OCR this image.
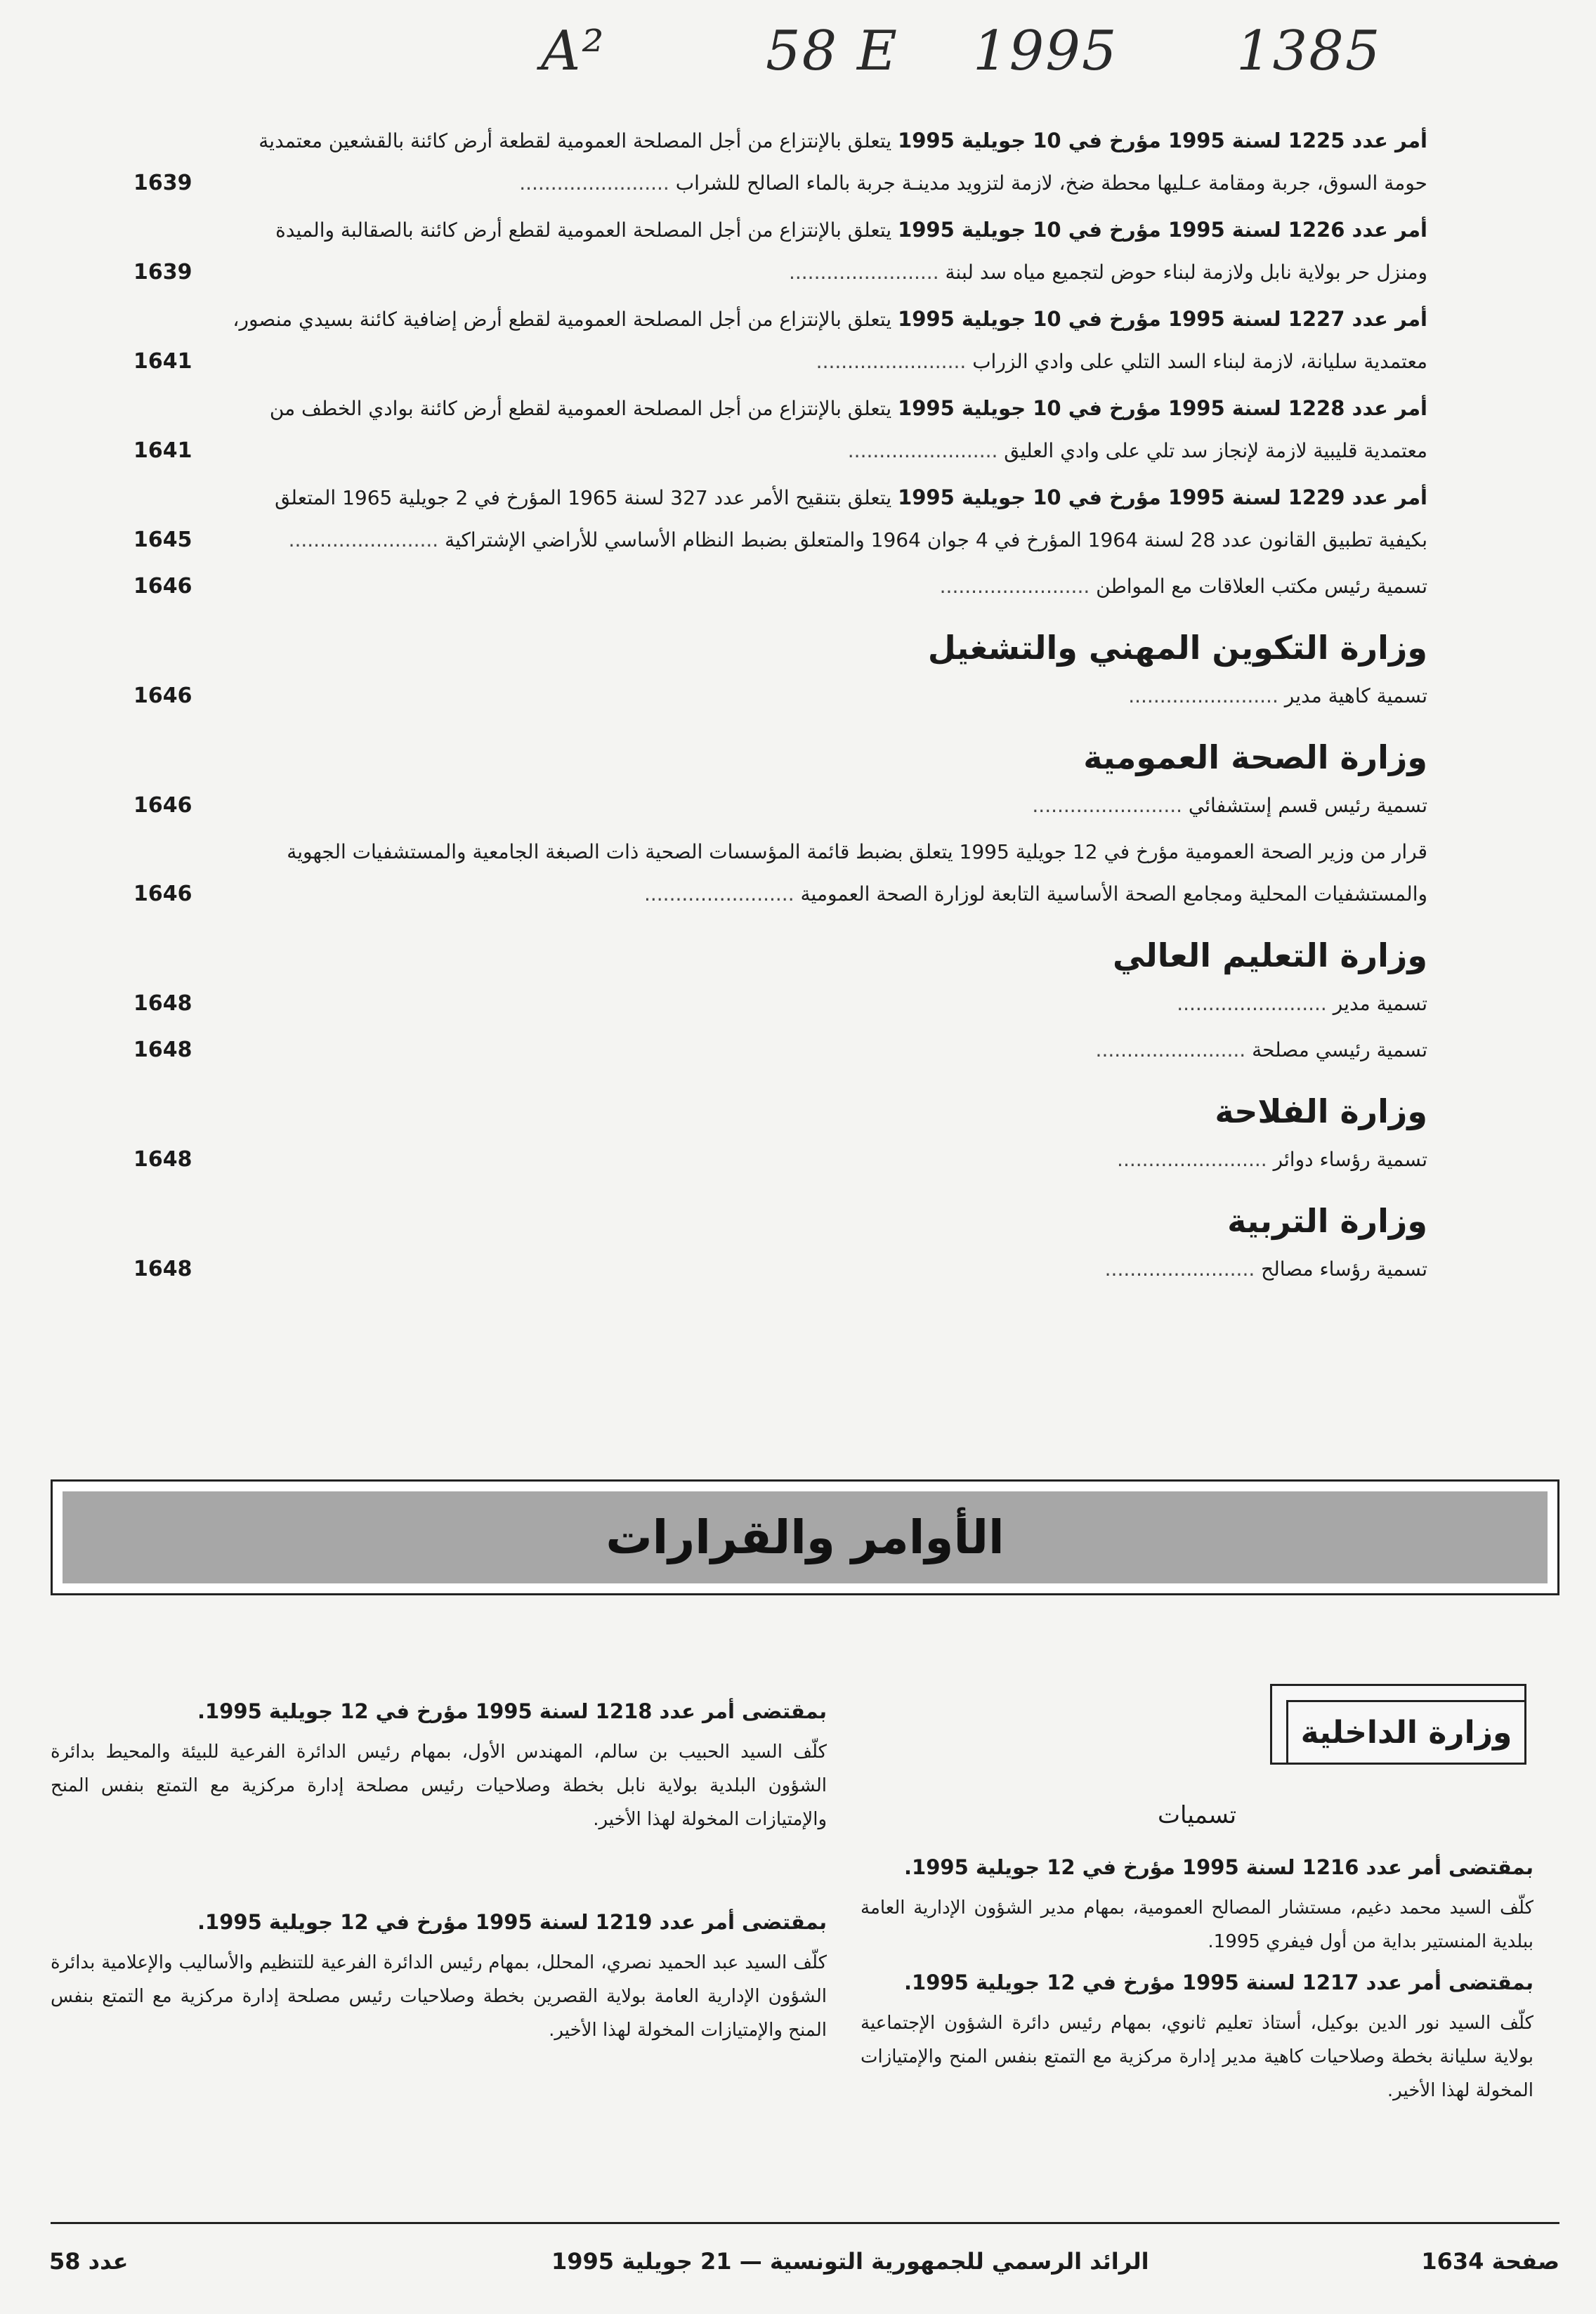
A²	58 E 1995 1385
أمر عدد 1225 لسنة 1995 مؤرخ في 10 جويلية 1995 يتعلق بالإنتزاع من أجل المصلحة العمومية لقطعة أرض كائنة بالقشعين معتمدية حومة السوق، جربة ومقامة عـليها محطة ضخ، لازمة لتزويد مدينـة جربة بالماء الصالح للشراب ........................
1639
أمر عدد 1226 لسنة 1995 مؤرخ في 10 جويلية 1995 يتعلق بالإنتزاع من أجل المصلحة العمومية لقطع أرض كائنة بالصقالبة والميدة ومنزل حر بولاية نابل ولازمة لبناء حوض لتجميع مياه سد لبنة ........................
1639
أمر عدد 1227 لسنة 1995 مؤرخ في 10 جويلية 1995 يتعلق بالإنتزاع من أجل المصلحة العمومية لقطع أرض إضافية كائنة بسيدي منصور، معتمدية سليانة، لازمة لبناء السد التلي على وادي الزراب ........................
1641
أمر عدد 1228 لسنة 1995 مؤرخ في 10 جويلية 1995 يتعلق بالإنتزاع من أجل المصلحة العمومية لقطع أرض كائنة بوادي الخطف من معتمدية قليبية لازمة لإنجاز سد تلي على وادي العليق ........................
1641
أمر عدد 1229 لسنة 1995 مؤرخ في 10 جويلية 1995 يتعلق بتنقيح الأمر عدد 327 لسنة 1965 المؤرخ في 2 جويلية 1965 المتعلق بكيفية تطبيق القانون عدد 28 لسنة 1964 المؤرخ في 4 جوان 1964 والمتعلق بضبط النظام الأساسي للأراضي الإشتراكية ........................
1645
تسمية رئيس مكتب العلاقات مع المواطن ........................
1646
وزارة التكوين المهني والتشغيل
تسمية كاهية مدير ........................
1646
وزارة الصحة العمومية
تسمية رئيس قسم إستشفائي ........................
1646
قرار من وزير الصحة العمومية مؤرخ في 12 جويلية 1995 يتعلق بضبط قائمة المؤسسات الصحية ذات الصبغة الجامعية والمستشفيات الجهوية والمستشفيات المحلية ومجامع الصحة الأساسية التابعة لوزارة الصحة العمومية ........................
1646
وزارة التعليم العالي
تسمية مدير ........................
1648
تسمية رئيسي مصلحة ........................
1648
وزارة الفلاحة
تسمية رؤساء دوائر ........................
1648
وزارة التربية
تسمية رؤساء مصالح ........................
1648
الأوامر والقرارات
وزارة الداخلية
تسميات
بمقتضى أمر عدد 1216 لسنة 1995 مؤرخ في 12 جويلية 1995.

كلّف السيد محمد دغيم، مستشار المصالح العمومية، بمهام مدير الشؤون الإدارية العامة ببلدية المنستير بداية من أول فيفري 1995.

بمقتضى أمر عدد 1217 لسنة 1995 مؤرخ في 12 جويلية 1995.

كلّف السيد نور الدين بوكيل، أستاذ تعليم ثانوي، بمهام رئيس دائرة الشؤون الإجتماعية بولاية سليانة بخطة وصلاحيات كاهية مدير إدارة مركزية مع التمتع بنفس المنح والإمتيازات المخولة لهذا الأخير.

بمقتضى أمر عدد 1218 لسنة 1995 مؤرخ في 12 جويلية 1995.

كلّف السيد الحبيب بن سالم، المهندس الأول، بمهام رئيس الدائرة الفرعية للبيئة والمحيط بدائرة الشؤون البلدية بولاية نابل بخطة وصلاحيات رئيس مصلحة إدارة مركزية مع التمتع بنفس المنح والإمتيازات المخولة لهذا الأخير.

بمقتضى أمر عدد 1219 لسنة 1995 مؤرخ في 12 جويلية 1995.

كلّف السيد عبد الحميد نصري، المحلل، بمهام رئيس الدائرة الفرعية للتنظيم والأساليب والإعلامية بدائرة الشؤون الإدارية العامة بولاية القصرين بخطة وصلاحيات رئيس مصلحة إدارة مركزية مع التمتع بنفس المنح والإمتيازات المخولة لهذا الأخير.

صفحة 1634
الرائد الرسمي للجمهورية التونسية — 21 جويلية 1995
عدد 58
